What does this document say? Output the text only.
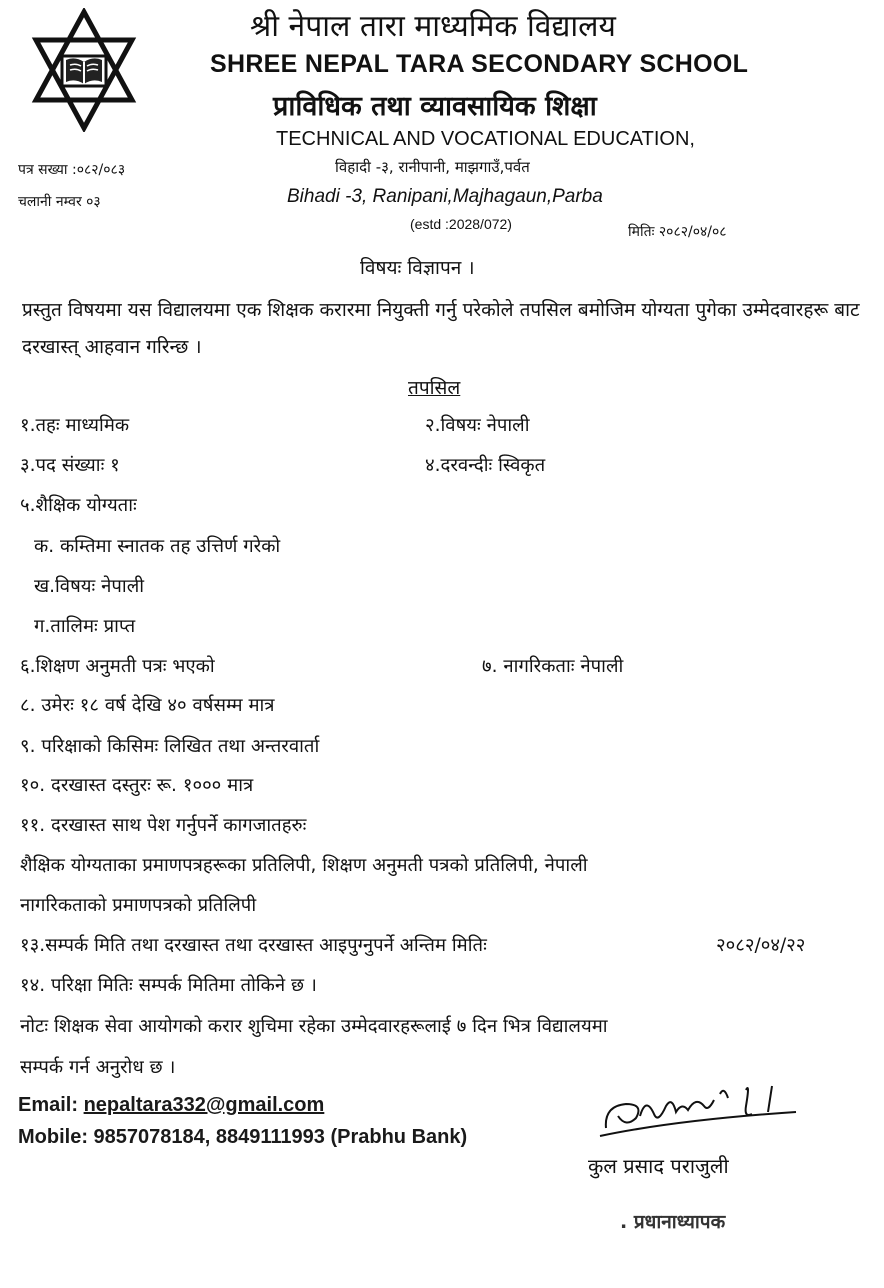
श्री नेपाल तारा माध्यमिक विद्यालय
SHREE NEPAL TARA SECONDARY SCHOOL
प्राविधिक तथा व्यावसायिक शिक्षा
TECHNICAL AND VOCATIONAL EDUCATION,
विहादी -३, रानीपानी, माझगाउँ,पर्वत
Bihadi -3, Ranipani,Majhagaun,Parba
(estd :2028/072)
पत्र सख्या :०८२/०८३
चलानी नम्वर ०३
मितिः २०८२/०४/०८
विषयः विज्ञापन ।
प्रस्तुत विषयमा यस विद्यालयमा एक शिक्षक करारमा नियुक्ती गर्नु परेकोले तपसिल बमोजिम योग्यता पुगेका उम्मेदवारहरू बाट दरखास्त् आहवान गरिन्छ ।
तपसिल
१.तहः माध्यमिक	२.विषयः नेपाली
३.पद संख्याः १	४.दरवन्दीः स्विकृत
५.शैक्षिक योग्यताः
क. कम्तिमा स्नातक तह उत्तिर्ण गरेको
ख.विषयः नेपाली
ग.तालिमः प्राप्त
६.शिक्षण अनुमती पत्रः भएको	७. नागरिकताः नेपाली
८. उमेरः १८ वर्ष देखि ४० वर्षसम्म मात्र
९. परिक्षाको किसिमः लिखित तथा अन्तरवार्ता
१०. दरखास्त दस्तुरः रू. १००० मात्र
११. दरखास्त साथ पेश गर्नुपर्ने कागजातहरुः
शैक्षिक योग्यताका प्रमाणपत्रहरूका प्रतिलिपी, शिक्षण अनुमती पत्रको प्रतिलिपी, नेपाली
नागरिकताको प्रमाणपत्रको प्रतिलिपी
१३.सम्पर्क मिति तथा दरखास्त तथा दरखास्त आइपुग्नुपर्ने अन्तिम मितिः	२०८२/०४/२२
१४. परिक्षा मितिः सम्पर्क मितिमा तोकिने छ ।
नोटः शिक्षक सेवा आयोगको करार शुचिमा रहेका उम्मेदवारहरूलाई ७ दिन भित्र विद्यालयमा
सम्पर्क गर्न अनुरोध छ ।
Email: nepaltara332@gmail.com
Mobile: 9857078184, 8849111993 (Prabhu Bank)
कुल प्रसाद पराजुली
. प्रधानाध्यापक
